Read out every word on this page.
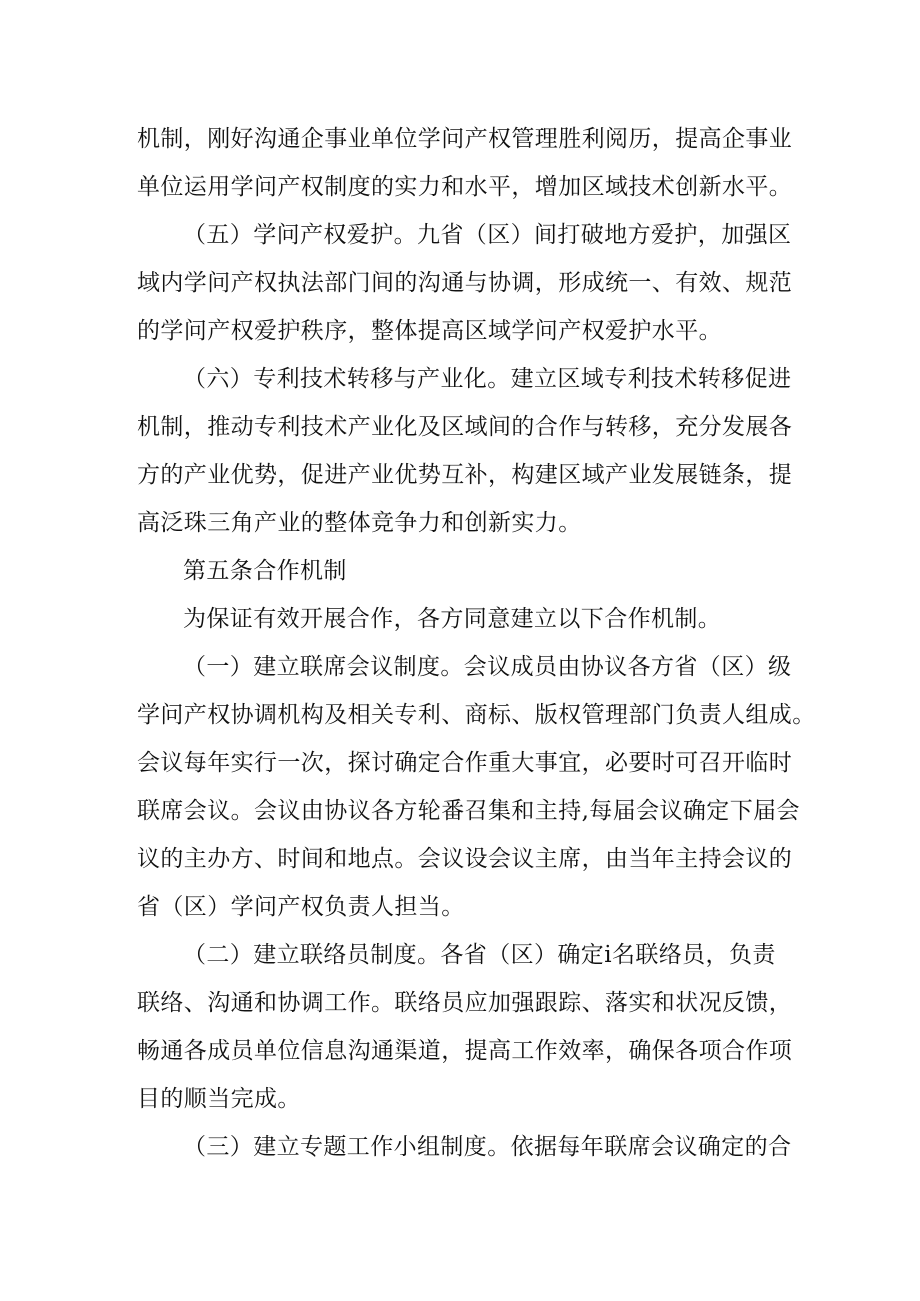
机制，刚好沟通企事业单位学问产权管理胜利阅历，提高企事业
单位运用学问产权制度的实力和水平，增加区域技术创新水平。
（五）学问产权爱护。九省（区）间打破地方爱护，加强区
域内学问产权执法部门间的沟通与协调，形成统一、有效、规范
的学问产权爱护秩序，整体提高区域学问产权爱护水平。
（六）专利技术转移与产业化。建立区域专利技术转移促进
机制，推动专利技术产业化及区域间的合作与转移，充分发展各
方的产业优势，促进产业优势互补，构建区域产业发展链条，提
高泛珠三角产业的整体竞争力和创新实力。
第五条合作机制
为保证有效开展合作，各方同意建立以下合作机制。
（一）建立联席会议制度。会议成员由协议各方省（区）级
学问产权协调机构及相关专利、商标、版权管理部门负责人组成。
会议每年实行一次，探讨确定合作重大事宜，必要时可召开临时
联席会议。会议由协议各方轮番召集和主持,每届会议确定下届会
议的主办方、时间和地点。会议设会议主席，由当年主持会议的
省（区）学问产权负责人担当。
（二）建立联络员制度。各省（区）确定i名联络员，负责
联络、沟通和协调工作。联络员应加强跟踪、落实和状况反馈，
畅通各成员单位信息沟通渠道，提高工作效率，确保各项合作项
目的顺当完成。
（三）建立专题工作小组制度。依据每年联席会议确定的合
